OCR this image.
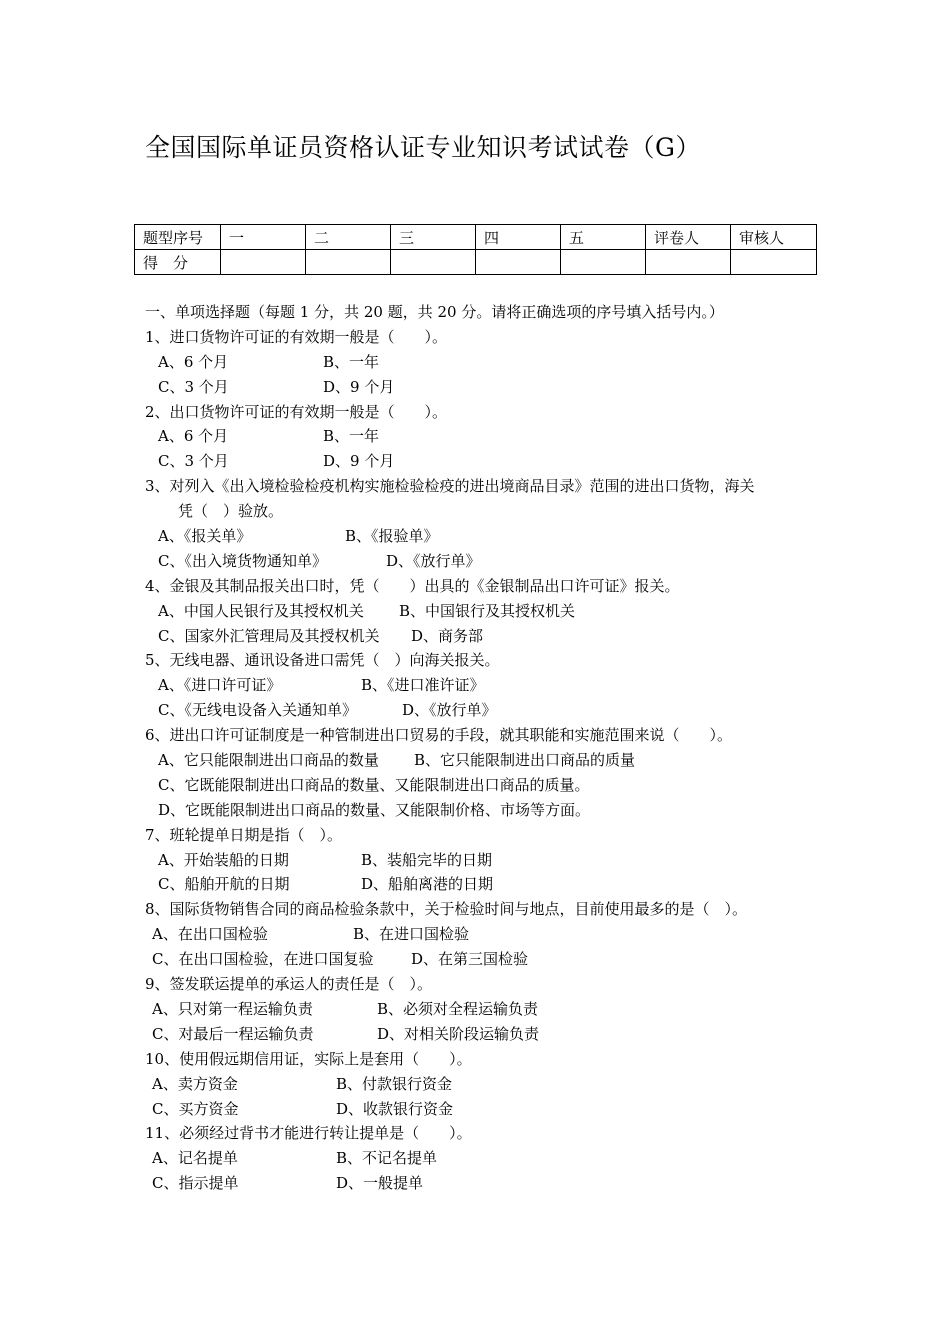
全国国际单证员资格认证专业知识考试试卷（G）
题型序号	一	二	三	四	五	评卷人	审核人
得　分							
一、单项选择题（每题 1 分，共 20 题，共 20 分。请将正确选项的序号填入括号内。）
1、进口货物许可证的有效期一般是（　　）。
A、6 个月	B、一年
C、3 个月	D、9 个月
2、出口货物许可证的有效期一般是（　　）。
A、6 个月	B、一年
C、3 个月	D、9 个月
3、对列入《出入境检验检疫机构实施检验检疫的进出境商品目录》范围的进出口货物，海关
凭（　）验放。
A、《报关单》	B、《报验单》
C、《出入境货物通知单》	D、《放行单》
4、金银及其制品报关出口时，凭（　　）出具的《金银制品出口许可证》报关。
A、中国人民银行及其授权机关 B、中国银行及其授权机关
C、国家外汇管理局及其授权机关 D、商务部
5、无线电器、通讯设备进口需凭（　）向海关报关。
A、《进口许可证》	B、《进口准许证》
C、《无线电设备入关通知单》	D、《放行单》
6、进出口许可证制度是一种管制进出口贸易的手段，就其职能和实施范围来说（　　）。
A、它只能限制进出口商品的数量 B、它只能限制进出口商品的质量
C、它既能限制进出口商品的数量、又能限制进出口商品的质量。
D、它既能限制进出口商品的数量、又能限制价格、市场等方面。
7、班轮提单日期是指（　）。
A、开始装船的日期	B、装船完毕的日期
C、船舶开航的日期	D、船舶离港的日期
8、国际货物销售合同的商品检验条款中，关于检验时间与地点，目前使用最多的是（　）。
A、在出口国检验	B、在进口国检验
C、在出口国检验，在进口国复验	D、在第三国检验
9、签发联运提单的承运人的责任是（　）。
A、只对第一程运输负责	B、必须对全程运输负责
C、对最后一程运输负责	D、对相关阶段运输负责
10、使用假远期信用证，实际上是套用（　　）。
A、卖方资金	B、付款银行资金
C、买方资金	D、收款银行资金
11、必须经过背书才能进行转让提单是（　　）。
A、记名提单	B、不记名提单
C、指示提单	D、一般提单
